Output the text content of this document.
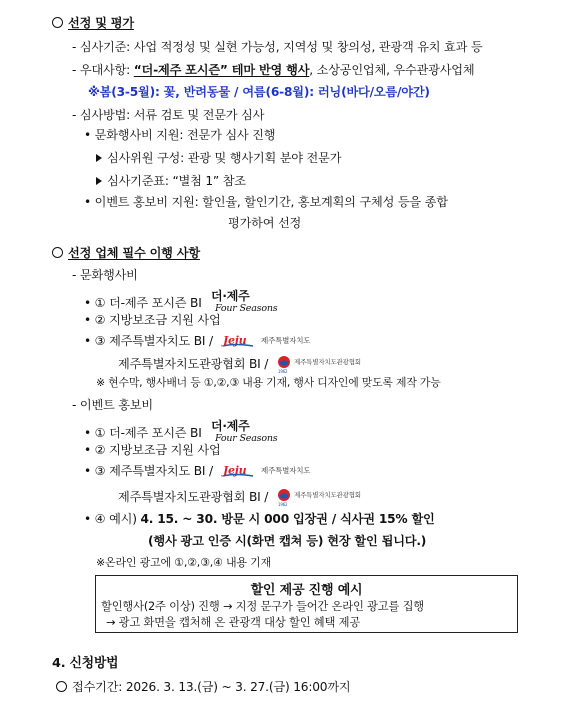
선정 및 평가
- 심사기준: 사업 적정성 및 실현 가능성, 지역성 및 창의성, 관광객 유치 효과 등
- 우대사항: “더-제주 포시즌” 테마 반영 행사, 소상공인업체, 우수관광사업체
※봄(3-5월): 꽃, 반려동물 / 여름(6-8월): 러닝(바다/오름/야간)
- 심사방법: 서류 검토 및 전문가 심사
• 문화행사비 지원: 전문가 심사 진행
심사위원 구성: 관광 및 행사기획 분야 전문가
심사기준표: “별첨 1” 참조
• 이벤트 홍보비 지원: 할인율, 할인기간, 홍보계획의 구체성 등을 종합
평가하여 선정
선정 업체 필수 이행 사항
- 문화행사비
• ① 더-제주 포시즌 BI 더·제주
Four Seasons
• ② 지방보조금 지원 사업
• ③ 제주특별자치도 BI / Jeju 제주특별자치도
제주특별자치도관광협회 BI /
1962
제주특별자치도관광협회
※ 현수막, 행사배너 등 ①,②,③ 내용 기재, 행사 디자인에 맞도록 제작 가능
- 이벤트 홍보비
• ① 더-제주 포시즌 BI 더·제주
Four Seasons
• ② 지방보조금 지원 사업
• ③ 제주특별자치도 BI / Jeju 제주특별자치도
제주특별자치도관광협회 BI /
1962
제주특별자치도관광협회
• ④ 예시) 4. 15. ~ 30. 방문 시 000 입장권 / 식사권 15% 할인
(행사 광고 인증 시(화면 캡쳐 등) 현장 할인 됩니다.)
※온라인 광고에 ①,②,③,④ 내용 기재
할인 제공 진행 예시
할인행사(2주 이상) 진행 → 지정 문구가 들어간 온라인 광고를 집행
→ 광고 화면을 캡처해 온 관광객 대상 할인 혜택 제공
4. 신청방법
접수기간: 2026. 3. 13.(금) ~ 3. 27.(금) 16:00까지
